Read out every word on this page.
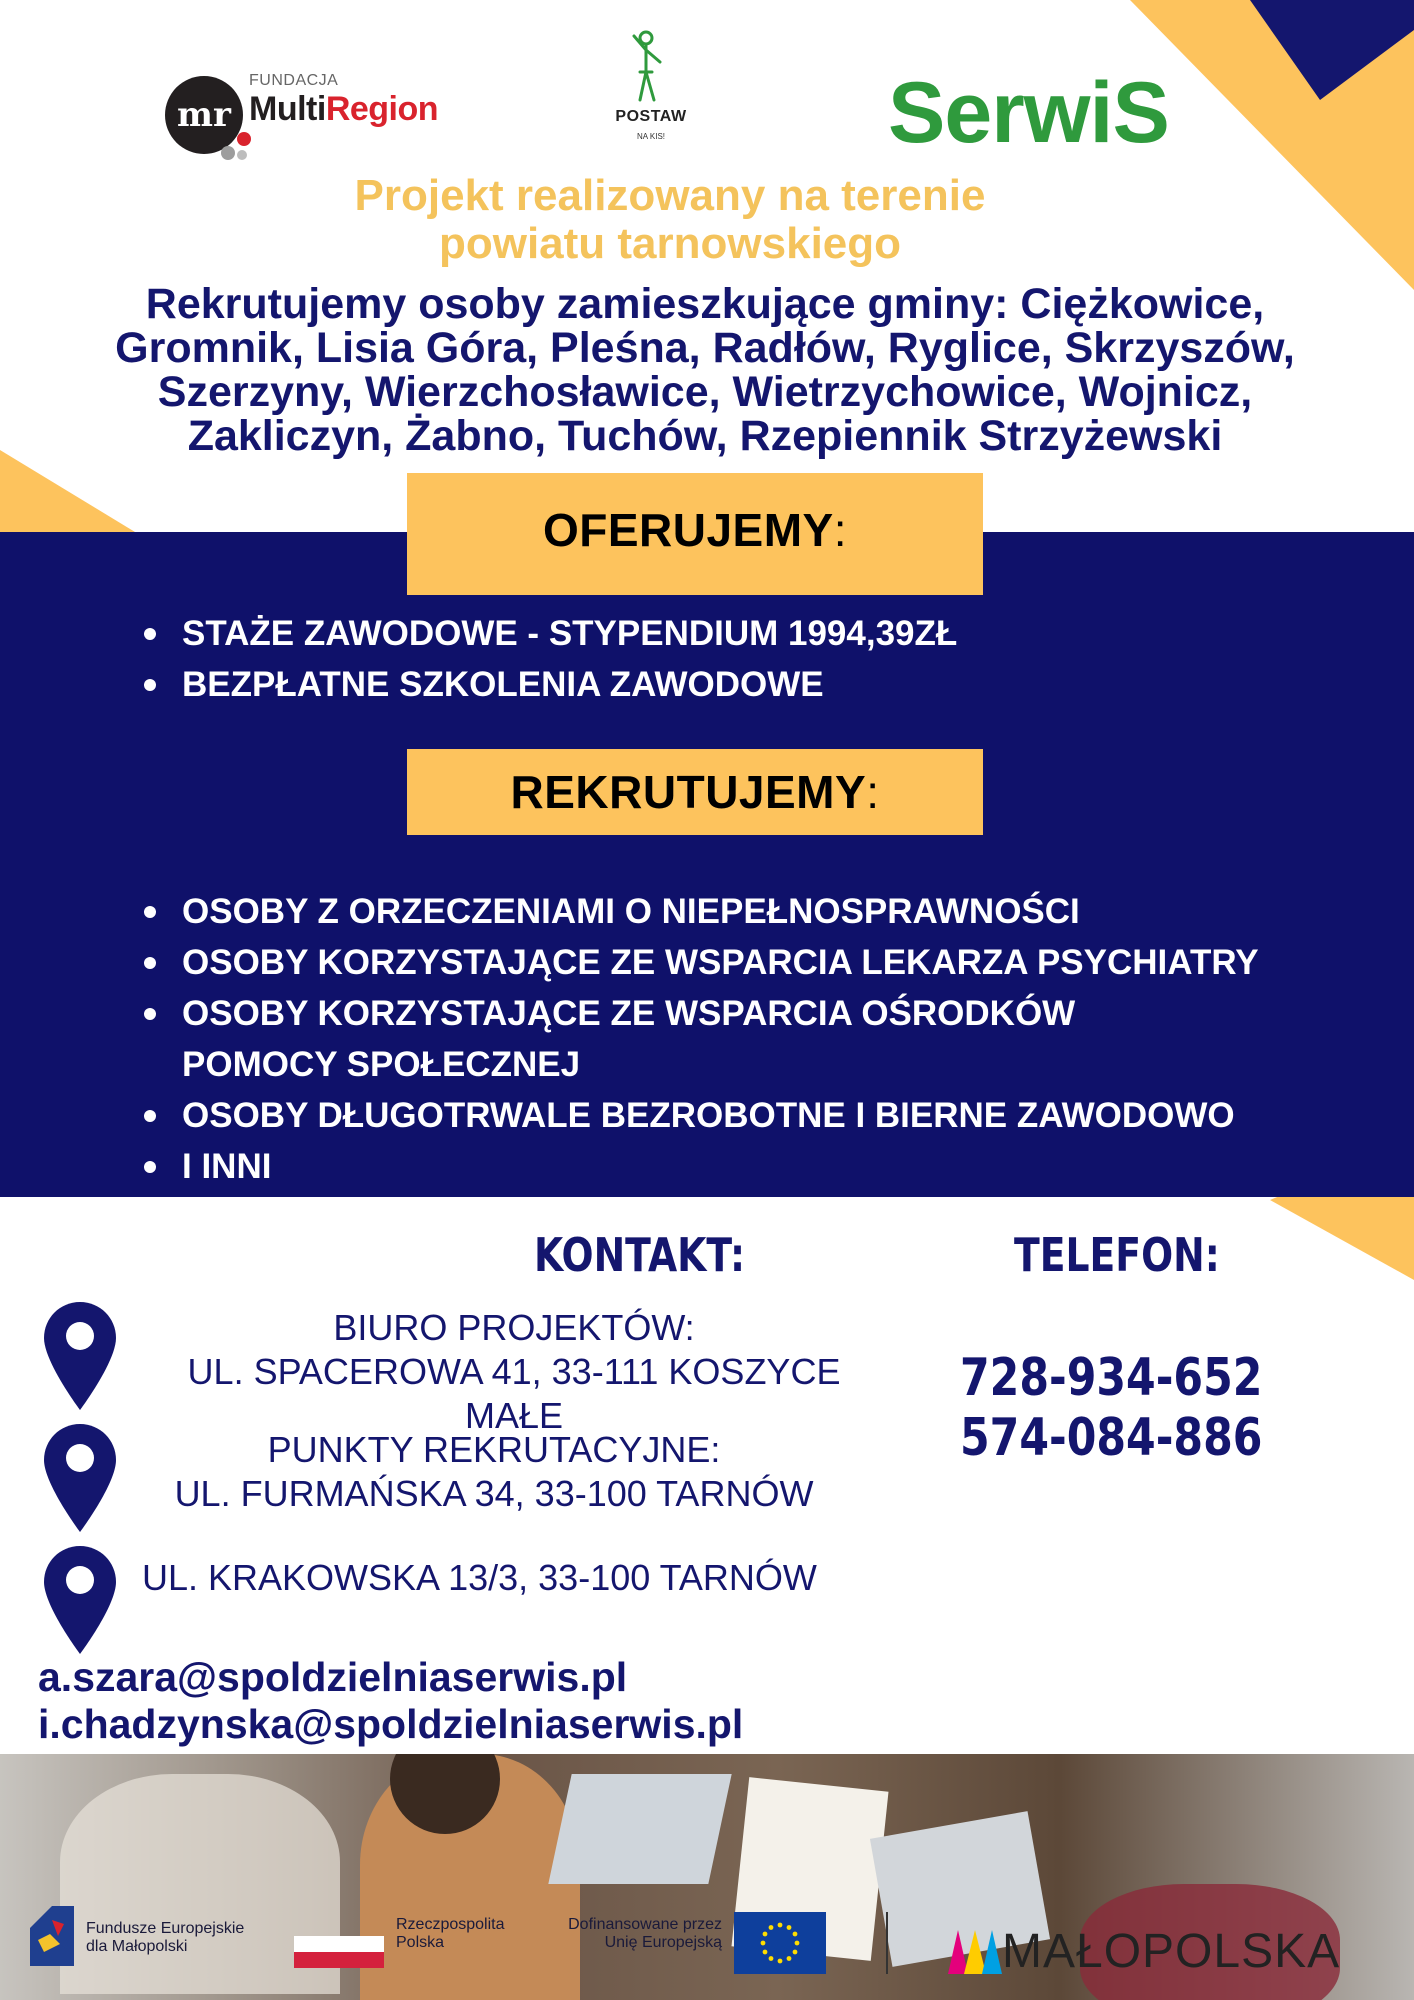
mr
FUNDACJA
MultiRegion	POSTAW
NA KIS!	SerwiS
Projekt realizowany na terenie
powiatu tarnowskiego
Rekrutujemy osoby zamieszkujące gminy: Ciężkowice,
Gromnik, Lisia Góra, Pleśna, Radłów, Ryglice, Skrzyszów,
Szerzyny, Wierzchosławice, Wietrzychowice, Wojnicz,
Zakliczyn, Żabno, Tuchów, Rzepiennik Strzyżewski
OFERUJEMY:
STAŻE ZAWODOWE - STYPENDIUM 1994,39ZŁ
BEZPŁATNE SZKOLENIA ZAWODOWE
REKRUTUJEMY:
OSOBY Z ORZECZENIAMI O NIEPEŁNOSPRAWNOŚCI
OSOBY KORZYSTAJĄCE ZE WSPARCIA LEKARZA PSYCHIATRY
OSOBY KORZYSTAJĄCE ZE WSPARCIA OŚRODKÓW POMOCY SPOŁECZNEJ
OSOBY DŁUGOTRWALE BEZROBOTNE I BIERNE ZAWODOWO
I INNI
KONTAKT:	TELEFON:
BIURO PROJEKTÓW:
UL. SPACEROWA 41, 33-111 KOSZYCE MAŁE
PUNKTY REKRUTACYJNE:
UL. FURMAŃSKA 34, 33-100 TARNÓW
UL. KRAKOWSKA 13/3, 33-100 TARNÓW
728-934-652
574-084-886
a.szara@spoldzielniaserwis.pl
i.chadzynska@spoldzielniaserwis.pl
Fundusze Europejskie
dla Małopolski
Rzeczpospolita
Polska
Dofinansowane przez
Unię Europejską	MAŁOPOLSKA
